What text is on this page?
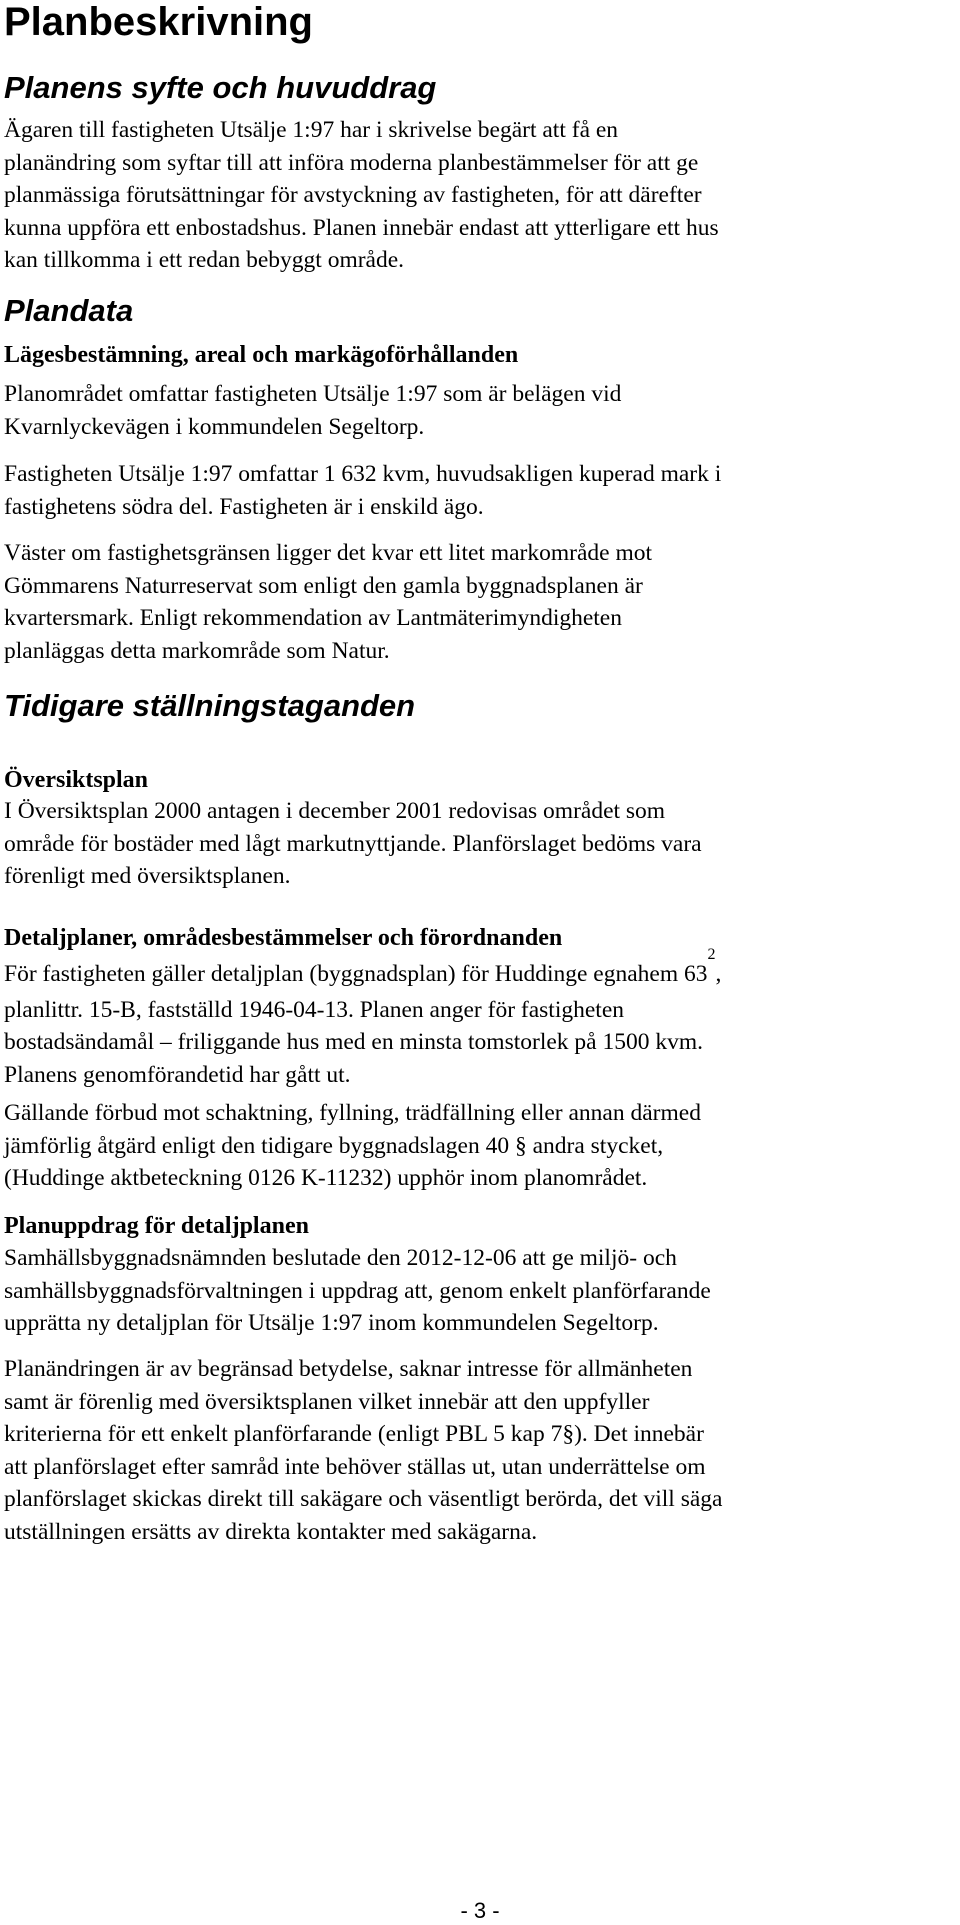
Planbeskrivning
Planens syfte och huvuddrag

Ägaren till fastigheten Utsälje 1:97 har i skrivelse begärt att få en
planändring som syftar till att införa moderna planbestämmelser för att ge
planmässiga förutsättningar för avstyckning av fastigheten, för att därefter
kunna uppföra ett enbostadshus. Planen innebär endast att ytterligare ett hus
kan tillkomma i ett redan bebyggt område.

Plandata
Lägesbestämning, areal och markägoförhållanden

Planområdet omfattar fastigheten Utsälje 1:97 som är belägen vid
Kvarnlyckevägen i kommundelen Segeltorp.

Fastigheten Utsälje 1:97 omfattar 1 632 kvm, huvudsakligen kuperad mark i
fastighetens södra del. Fastigheten är i enskild ägo.

Väster om fastighetsgränsen ligger det kvar ett litet markområde mot
Gömmarens Naturreservat som enligt den gamla byggnadsplanen är
kvartersmark. Enligt rekommendation av Lantmäterimyndigheten
planläggas detta markområde som Natur.

Tidigare ställningstaganden
Översiktsplan

I Översiktsplan 2000 antagen i december 2001 redovisas området som
område för bostäder med lågt markutnyttjande. Planförslaget bedöms vara
förenligt med översiktsplanen.

Detaljplaner, områdesbestämmelser och förordnanden

För fastigheten gäller detaljplan (byggnadsplan) för Huddinge egnahem $63^2$,
planlittr. 15-B, fastställd 1946-04-13. Planen anger för fastigheten
bostadsändamål – friliggande hus med en minsta tomstorlek på 1500 kvm.
Planens genomförandetid har gått ut.

Gällande förbud mot schaktning, fyllning, trädfällning eller annan därmed
jämförlig åtgärd enligt den tidigare byggnadslagen 40 § andra stycket,
(Huddinge aktbeteckning 0126 K-11232) upphör inom planområdet.

Planuppdrag för detaljplanen

Samhällsbyggnadsnämnden beslutade den 2012-12-06 att ge miljö- och
samhällsbyggnadsförvaltningen i uppdrag att, genom enkelt planförfarande
upprätta ny detaljplan för Utsälje 1:97 inom kommundelen Segeltorp.

Planändringen är av begränsad betydelse, saknar intresse för allmänheten
samt är förenlig med översiktsplanen vilket innebär att den uppfyller
kriterierna för ett enkelt planförfarande (enligt PBL 5 kap 7§). Det innebär
att planförslaget efter samråd inte behöver ställas ut, utan underrättelse om
planförslaget skickas direkt till sakägare och väsentligt berörda, det vill säga
utställningen ersätts av direkta kontakter med sakägarna.

- 3 -
